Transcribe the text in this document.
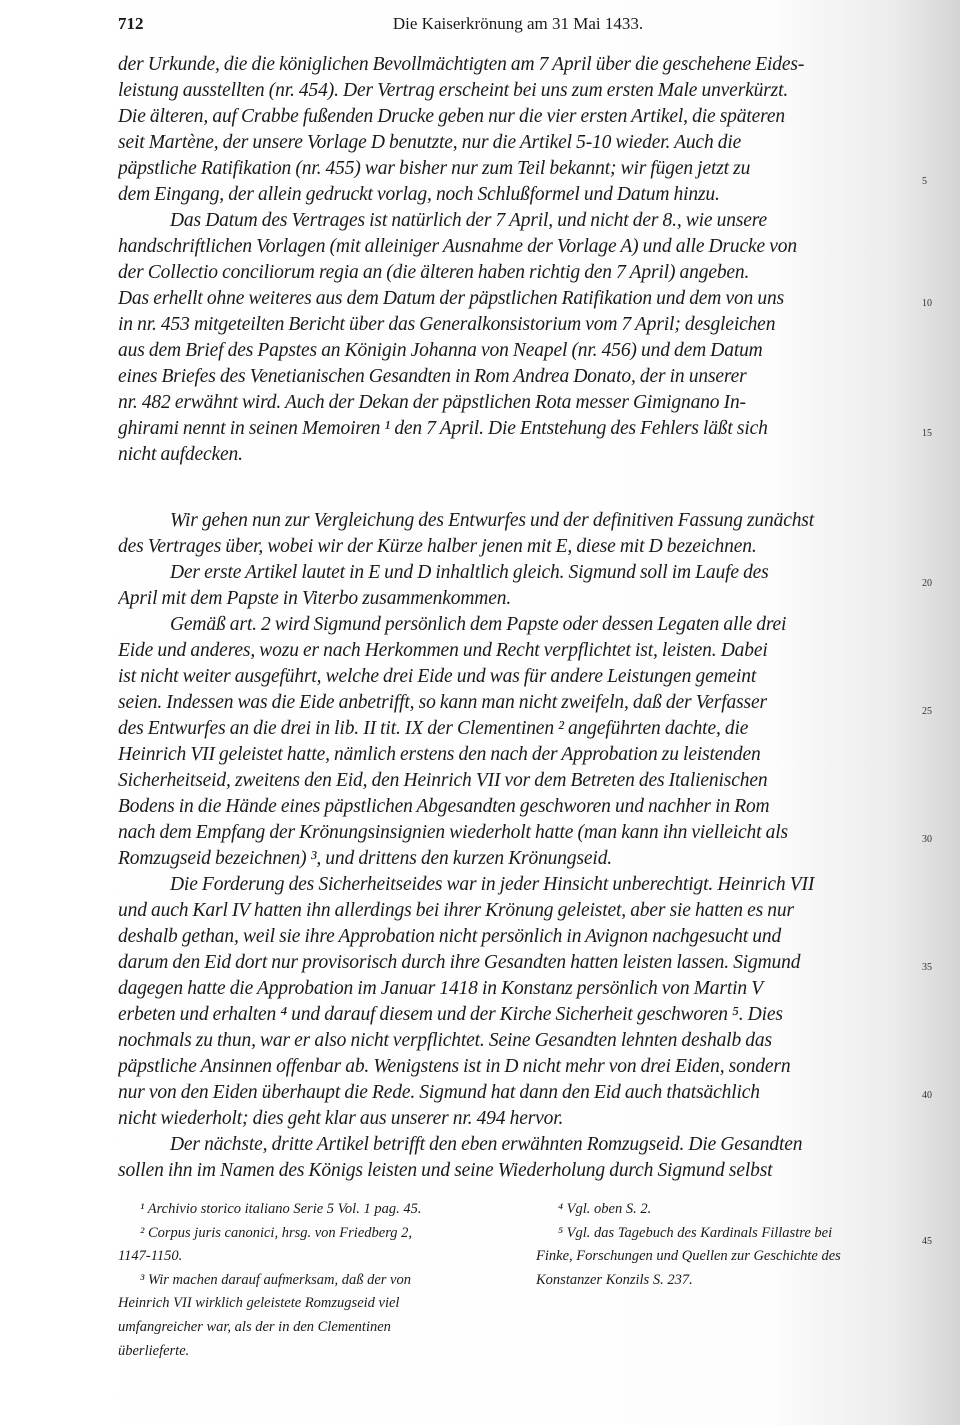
712	Die Kaiserkrönung am 31 Mai 1433.
der Urkunde, die die königlichen Bevollmächtigten am 7 April über die geschehene Eides-
leistung ausstellten (nr. 454). Der Vertrag erscheint bei uns zum ersten Male unverkürzt.
Die älteren, auf Crabbe fußenden Drucke geben nur die vier ersten Artikel, die späteren
seit Martène, der unsere Vorlage D benutzte, nur die Artikel 5-10 wieder. Auch die
päpstliche Ratifikation (nr. 455) war bisher nur zum Teil bekannt; wir fügen jetzt zu
dem Eingang, der allein gedruckt vorlag, noch Schlußformel und Datum hinzu.
Das Datum des Vertrages ist natürlich der 7 April, und nicht der 8., wie unsere
handschriftlichen Vorlagen (mit alleiniger Ausnahme der Vorlage A) und alle Drucke von
der Collectio conciliorum regia an (die älteren haben richtig den 7 April) angeben.
Das erhellt ohne weiteres aus dem Datum der päpstlichen Ratifikation und dem von uns
in nr. 453 mitgeteilten Bericht über das Generalkonsistorium vom 7 April; desgleichen
aus dem Brief des Papstes an Königin Johanna von Neapel (nr. 456) und dem Datum
eines Briefes des Venetianischen Gesandten in Rom Andrea Donato, der in unserer
nr. 482 erwähnt wird. Auch der Dekan der päpstlichen Rota messer Gimignano In-
ghirami nennt in seinen Memoiren ¹ den 7 April. Die Entstehung des Fehlers läßt sich
nicht aufdecken.
Wir gehen nun zur Vergleichung des Entwurfes und der definitiven Fassung zunächst
des Vertrages über, wobei wir der Kürze halber jenen mit E, diese mit D bezeichnen.
Der erste Artikel lautet in E und D inhaltlich gleich. Sigmund soll im Laufe des
April mit dem Papste in Viterbo zusammenkommen.
Gemäß art. 2 wird Sigmund persönlich dem Papste oder dessen Legaten alle drei
Eide und anderes, wozu er nach Herkommen und Recht verpflichtet ist, leisten. Dabei
ist nicht weiter ausgeführt, welche drei Eide und was für andere Leistungen gemeint
seien. Indessen was die Eide anbetrifft, so kann man nicht zweifeln, daß der Verfasser
des Entwurfes an die drei in lib. II tit. IX der Clementinen ² angeführten dachte, die
Heinrich VII geleistet hatte, nämlich erstens den nach der Approbation zu leistenden
Sicherheitseid, zweitens den Eid, den Heinrich VII vor dem Betreten des Italienischen
Bodens in die Hände eines päpstlichen Abgesandten geschworen und nachher in Rom
nach dem Empfang der Krönungsinsignien wiederholt hatte (man kann ihn vielleicht als
Romzugseid bezeichnen) ³, und drittens den kurzen Krönungseid.
Die Forderung des Sicherheitseides war in jeder Hinsicht unberechtigt. Heinrich VII
und auch Karl IV hatten ihn allerdings bei ihrer Krönung geleistet, aber sie hatten es nur
deshalb gethan, weil sie ihre Approbation nicht persönlich in Avignon nachgesucht und
darum den Eid dort nur provisorisch durch ihre Gesandten hatten leisten lassen. Sigmund
dagegen hatte die Approbation im Januar 1418 in Konstanz persönlich von Martin V
erbeten und erhalten ⁴ und darauf diesem und der Kirche Sicherheit geschworen ⁵. Dies
nochmals zu thun, war er also nicht verpflichtet. Seine Gesandten lehnten deshalb das
päpstliche Ansinnen offenbar ab. Wenigstens ist in D nicht mehr von drei Eiden, sondern
nur von den Eiden überhaupt die Rede. Sigmund hat dann den Eid auch thatsächlich
nicht wiederholt; dies geht klar aus unserer nr. 494 hervor.
Der nächste, dritte Artikel betrifft den eben erwähnten Romzugseid. Die Gesandten
sollen ihn im Namen des Königs leisten und seine Wiederholung durch Sigmund selbst
5
10
15
20
25
30
35
40
45
¹ Archivio storico italiano Serie 5 Vol. 1 pag. 45.
² Corpus juris canonici, hrsg. von Friedberg 2,
1147-1150.
³ Wir machen darauf aufmerksam, daß der von
Heinrich VII wirklich geleistete Romzugseid viel
umfangreicher war, als der in den Clementinen
überlieferte.
⁴ Vgl. oben S. 2.
⁵ Vgl. das Tagebuch des Kardinals Fillastre bei
Finke, Forschungen und Quellen zur Geschichte des
Konstanzer Konzils S. 237.
